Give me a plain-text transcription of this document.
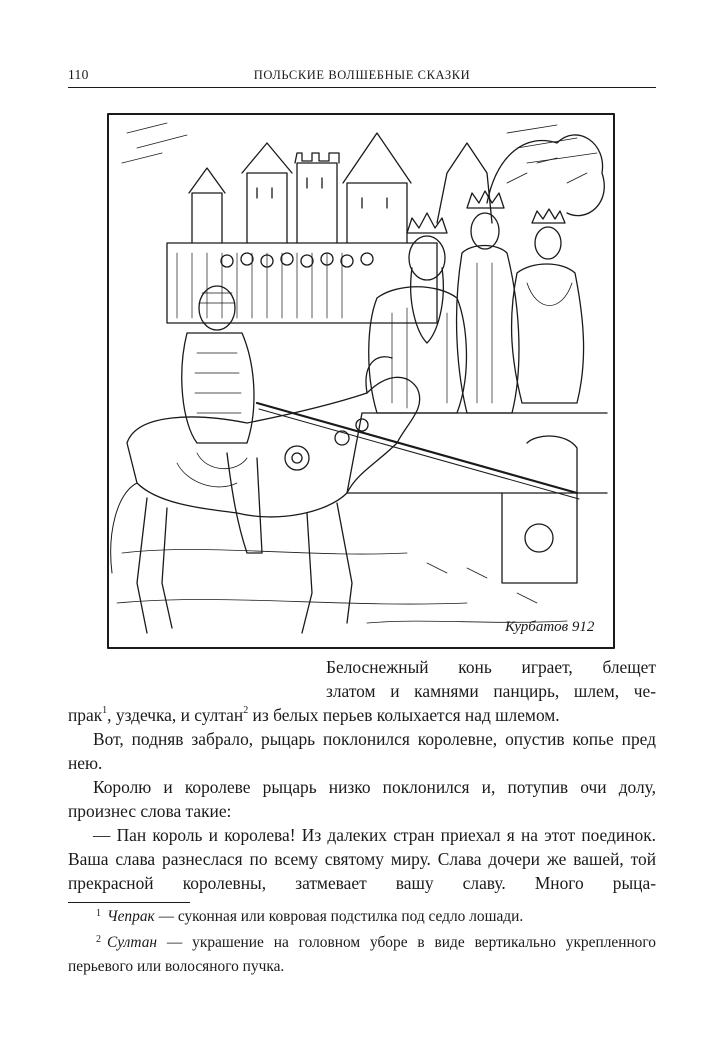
110	ПОЛЬСКИЕ ВОЛШЕБНЫЕ СКАЗКИ
Курбатов 912

Белоснежный конь играет, блещет

златом и камнями панцирь, шлем, че-

прак$^1$, уздечка, и султан$^2$ из белых перьев колыхается над шлемом.

Вот, подняв забрало, рыцарь поклонился королевне, опустив копье пред нею.

Королю и королеве рыцарь низко поклонился и, потупив очи долу, произнес слова такие:

— Пан король и королева! Из далеких стран приехал я на этот поединок. Ваша слава разнеслася по всему святому миру. Слава дочери же вашей, той прекрасной королевны, затмевает вашу славу. Много рыца-

$^1$ Чепрак — суконная или ковровая подстилка под седло лошади.

$^2$ Султан — украшение на головном уборе в виде вертикально укрепленного перьевого или волосяного пучка.
